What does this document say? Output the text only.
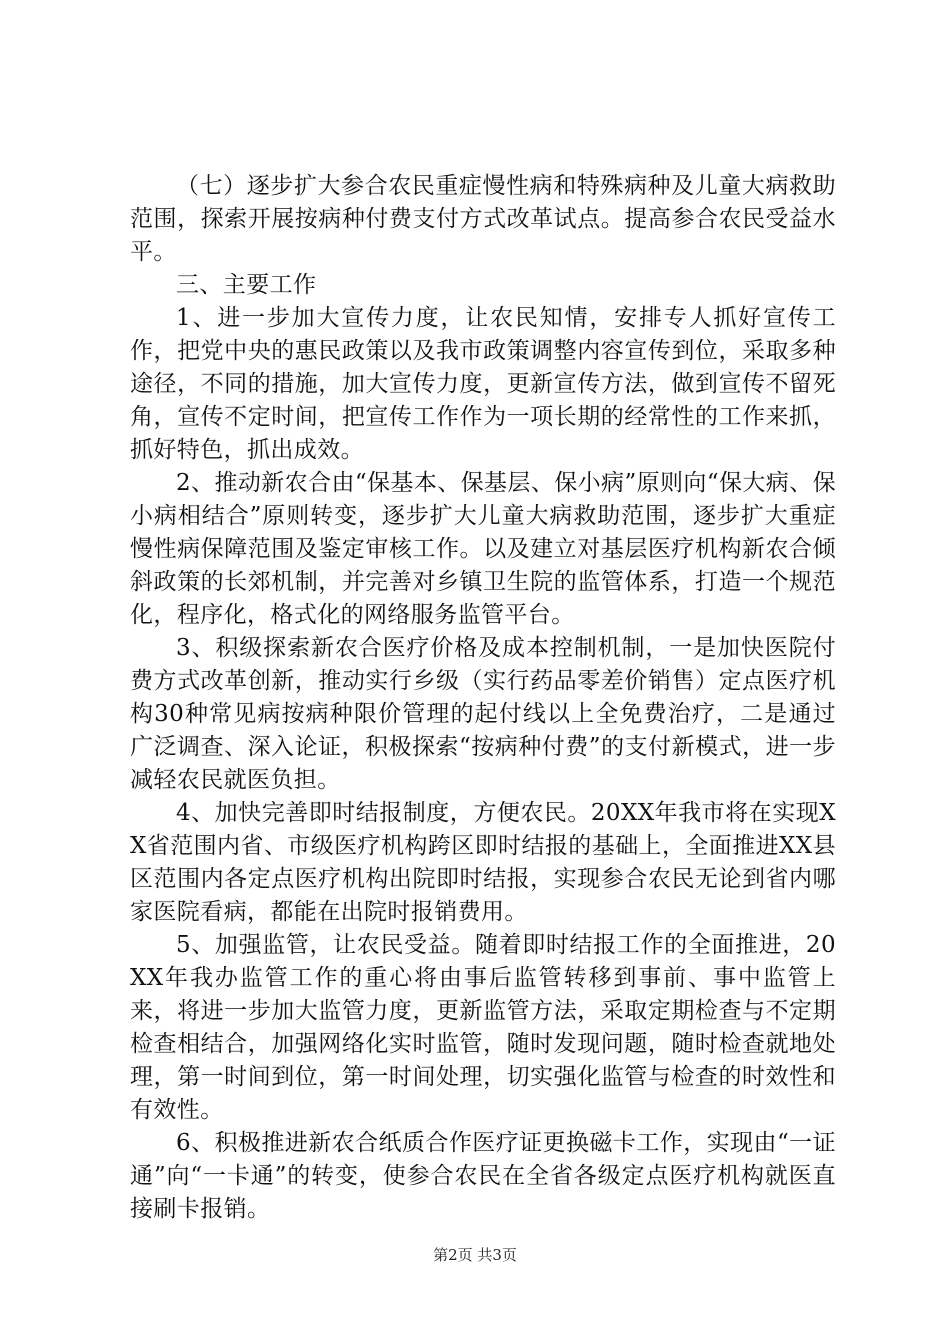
（七）逐步扩大参合农民重症慢性病和特殊病种及儿童大病救助范围，探索开展按病种付费支付方式改革试点。提高参合农民受益水平。

三、主要工作

1、进一步加大宣传力度，让农民知情，安排专人抓好宣传工作，把党中央的惠民政策以及我市政策调整内容宣传到位，采取多种途径，不同的措施，加大宣传力度，更新宣传方法，做到宣传不留死角，宣传不定时间，把宣传工作作为一项长期的经常性的工作来抓，抓好特色，抓出成效。

2、推动新农合由“保基本、保基层、保小病”原则向“保大病、保小病相结合”原则转变，逐步扩大儿童大病救助范围，逐步扩大重症慢性病保障范围及鉴定审核工作。以及建立对基层医疗机构新农合倾斜政策的长郊机制，并完善对乡镇卫生院的监管体系，打造一个规范化，程序化，格式化的网络服务监管平台。

3、积级探索新农合医疗价格及成本控制机制，一是加快医院付费方式改革创新，推动实行乡级（实行药品零差价销售）定点医疗机构30种常见病按病种限价管理的起付线以上全免费治疗，二是通过广泛调查、深入论证，积极探索“按病种付费”的支付新模式，进一步减轻农民就医负担。

4、加快完善即时结报制度，方便农民。20XX年我市将在实现XX省范围内省、市级医疗机构跨区即时结报的基础上，全面推进XX县区范围内各定点医疗机构出院即时结报，实现参合农民无论到省内哪家医院看病，都能在出院时报销费用。

5、加强监管，让农民受益。随着即时结报工作的全面推进，20XX年我办监管工作的重心将由事后监管转移到事前、事中监管上来，将进一步加大监管力度，更新监管方法，采取定期检查与不定期检查相结合，加强网络化实时监管，随时发现问题，随时检查就地处理，第一时间到位，第一时间处理，切实强化监管与检查的时效性和有效性。

6、积极推进新农合纸质合作医疗证更换磁卡工作，实现由“一证通”向“一卡通”的转变，使参合农民在全省各级定点医疗机构就医直接刷卡报销。

第2页 共3页
